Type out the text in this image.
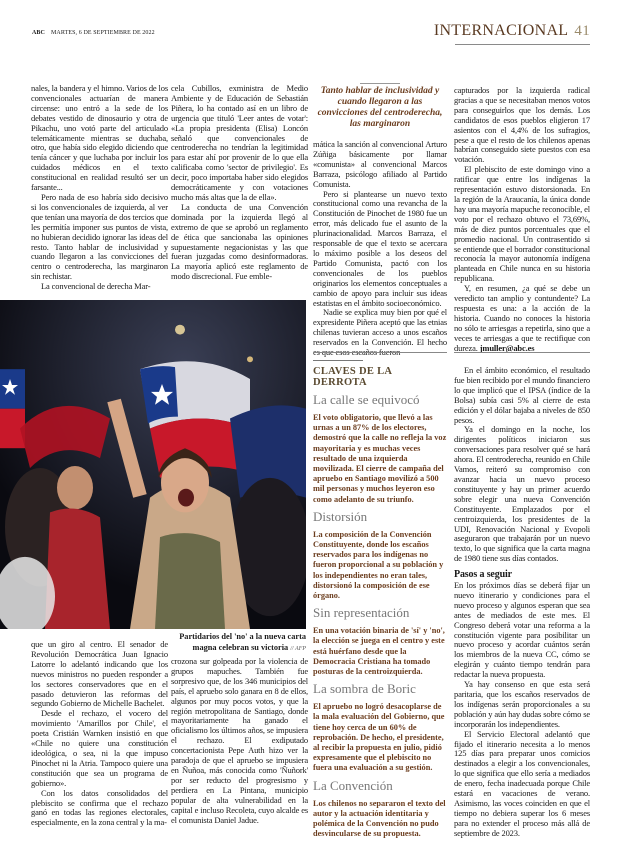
ABC MARTES, 6 DE SEPTIEMBRE DE 2022	INTERNACIONAL 41

nales, la bandera y el himno. Varios de los convencionales actuarían de manera circense: uno entró a la sede de los debates vestido de dinosaurio y otra de Pikachu, uno votó parte del articulado telemáticamente mientras se duchaba, otro, que había sido elegido diciendo que tenía cáncer y que luchaba por incluir los cuidados médicos en el texto constitucional en realidad resultó ser un farsante...

Pero nada de eso habría sido decisivo si los convencionales de izquierda, al ver que tenían una mayoría de dos tercios que les permitía imponer sus puntos de vista, no hubieran decidido ignorar las ideas del resto. Tanto hablar de inclusividad y cuando llegaron a las convicciones del centro o centroderecha, las marginaron sin rechistar.

La convencional de derecha Mar-

cela Cubillos, exministra de Medio Ambiente y de Educación de Sebastián Piñera, lo ha contado así en un libro de urgencia que tituló 'Leer antes de votar': «La propia presidenta (Elisa) Loncón señaló que convencionales de centroderecha no tendrían la legitimidad para estar ahí por provenir de lo que ella calificaba como 'sector de privilegio'. Es decir, poco importaba haber sido elegidos democráticamente y con votaciones mucho más altas que la de ella».

La conducta de una Convención dominada por la izquierda llegó al extremo de que se aprobó un reglamento de ética que sancionaba las opiniones supuestamente negacionistas y las que fueran juzgadas como desinformadoras. La mayoría aplicó este reglamento de modo discrecional. Fue emble-

Tanto hablar de inclusividad y cuando llegaron a las convicciones del centroderecha, las marginaron

mática la sanción al convencional Arturo Zúñiga básicamente por llamar «comunista» al convencional Marcos Barraza, psicólogo afiliado al Partido Comunista.

Pero si plantearse un nuevo texto constitucional como una revancha de la Constitución de Pinochet de 1980 fue un error, más delicado fue el asunto de la plurinacionalidad. Marcos Barraza, el responsable de que el texto se acercara lo máximo posible a los deseos del Partido Comunista, pactó con los convencionales de los pueblos originarios los elementos conceptuales a cambio de apoyo para incluir sus ideas estatistas en el ámbito socioeconómico.

Nadie se explica muy bien por qué el expresidente Piñera aceptó que las etnias chilenas tuvieran acceso a unos escaños reservados en la Convención. El hecho es que esos escaños fueron

capturados por la izquierda radical gracias a que se necesitaban menos votos para conseguirlos que los demás. Los candidatos de esos pueblos eligieron 17 asientos con el 4,4% de los sufragios, pese a que el resto de los chilenos apenas habrían conseguido siete puestos con esa votación.

El plebiscito de este domingo vino a ratificar que entre los indígenas la representación estuvo distorsionada. En la región de la Araucanía, la única donde hay una mayoría mapuche reconocible, el voto por el rechazo obtuvo el 73,69%, más de diez puntos porcentuales que el promedio nacional. Un contrasentido si se entiende que el borrador constitucional reconocía la mayor autonomía indígena planteada en Chile nunca en su historia republicana.

Y, en resumen, ¿a qué se debe un veredicto tan amplio y contundente? La respuesta es una: a la acción de la historia. Cuando no conoces la historia no sólo te arriesgas a repetirla, sino que a veces te arriesgas a que te rectifique con dureza. jmuller@abc.es

Partidarios del 'no' a la nueva carta magna celebran su victoria // AFP

que un giro al centro. El senador de Revolución Democrática Juan Ignacio Latorre lo adelantó indicando que los nuevos ministros no pueden responder a los sectores conservadores que en el pasado detuvieron las reformas del segundo Gobierno de Michelle Bachelet.

Desde el rechazo, el vocero del movimiento 'Amarillos por Chile', el poeta Cristián Warnken insistió en que «Chile no quiere una constitución ideológica, o sea, ni la que impuso Pinochet ni la Atria. Tampoco quiere una constitución que sea un programa de gobierno».

Con los datos consolidados del plebiscito se confirma que el rechazo ganó en todas las regiones electorales, especialmente, en la zona central y la ma-

crozona sur golpeada por la violencia de grupos mapuches. También fue sorpresivo que, de los 346 municipios del país, el apruebo solo ganara en 8 de ellos, algunos por muy pocos votos, y que la región metropolitana de Santiago, donde mayoritariamente ha ganado el oficialismo los últimos años, se impusiera el rechazo. El exdiputado concertacionista Pepe Auth hizo ver la paradoja de que el apruebo se impusiera en Ñuñoa, más conocida como 'Ñuñork' por ser reducto del progresismo y perdiera en La Pintana, municipio popular de alta vulnerabilidad en la capital e incluso Recoleta, cuyo alcalde es el comunista Daniel Jadue.

CLAVES DE LA DERROTA
La calle se equivocó

El voto obligatorio, que llevó a las urnas a un 87% de los electores, demostró que la calle no refleja la voz mayoritaria y es muchas veces resultado de una izquierda movilizada. El cierre de campaña del apruebo en Santiago movilizó a 500 mil personas y muchos leyeron eso como adelanto de su triunfo.

Distorsión

La composición de la Convención Constituyente, donde los escaños reservados para los indígenas no fueron proporcional a su población y los independientes no eran tales, distorsionó la composición de ese órgano.

Sin representación

En una votación binaria de 'sí' y 'no', la elección se juega en el centro y este está huérfano desde que la Democracia Cristiana ha tomado posturas de la centroizquierda.

La sombra de Boric

El apruebo no logró desacoplarse de la mala evaluación del Gobierno, que tiene hoy cerca de un 60% de reprobación. De hecho, el presidente, al recibir la propuesta en julio, pidió expresamente que el plebiscito no fuera una evaluación a su gestión.

La Convención

Los chilenos no separaron el texto del autor y la actuación identitaria y polémica de la Convención no pudo desvincularse de su propuesta.

En el ámbito económico, el resultado fue bien recibido por el mundo financiero lo que implicó que el IPSA (índice de la Bolsa) subía casi 5% al cierre de esta edición y el dólar bajaba a niveles de 850 pesos.

Ya el domingo en la noche, los dirigentes políticos iniciaron sus conversaciones para resolver qué se hará ahora. El centroderecha, reunido en Chile Vamos, reiteró su compromiso con avanzar hacia un nuevo proceso constituyente y hay un primer acuerdo sobre elegir una nueva Convención Constituyente. Emplazados por el centroizquierda, los presidentes de la UDI, Renovación Nacional y Evopoli aseguraron que trabajarán por un nuevo texto, lo que significa que la carta magna de 1980 tiene sus días contados.

Pasos a seguir

En los próximos días se deberá fijar un nuevo itinerario y condiciones para el nuevo proceso y algunos esperan que sea antes de mediados de este mes. El Congreso deberá votar una reforma a la constitución vigente para posibilitar un nuevo proceso y acordar cuántos serán los miembros de la nueva CC, cómo se elegirán y cuánto tiempo tendrán para redactar la nueva propuesta.

Ya hay consenso en que esta será paritaria, que los escaños reservados de los indígenas serán proporcionales a su población y aún hay dudas sobre cómo se incorporarán los independientes.

El Servicio Electoral adelantó que fijado el itinerario necesita a lo menos 125 días para preparar unos comicios destinados a elegir a los convencionales, lo que significa que ello sería a mediados de enero, fecha inadecuada porque Chile estará en vacaciones de verano. Asimismo, las voces coinciden en que el tiempo no debiera superar los 6 meses para no extender el proceso más allá de septiembre de 2023.
